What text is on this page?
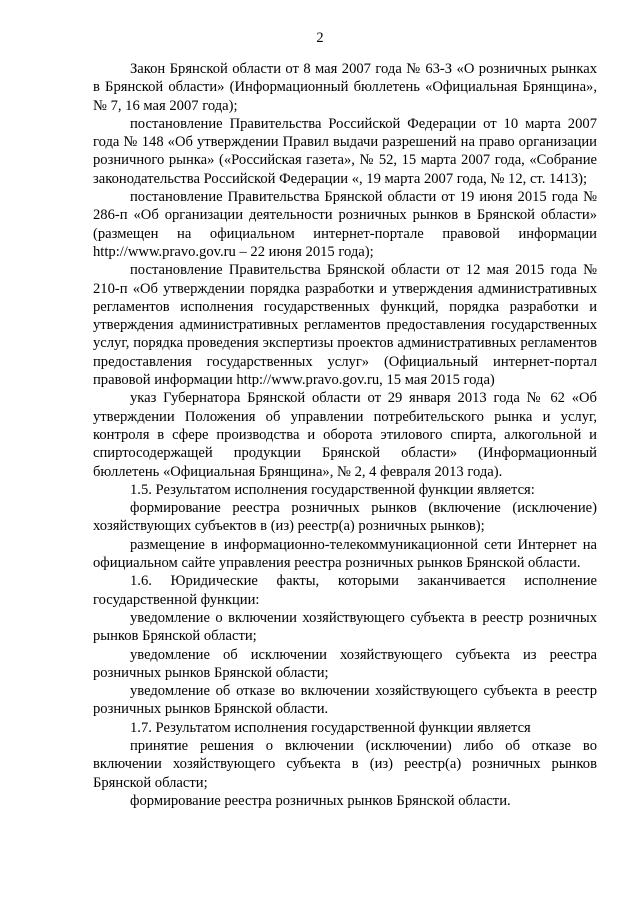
2

Закон Брянской области от 8 мая 2007 года № 63-З «О розничных рынках в Брянской области» (Информационный бюллетень «Официальная Брянщина», № 7, 16 мая 2007 года);

постановление Правительства Российской Федерации от 10 марта 2007 года № 148 «Об утверждении Правил выдачи разрешений на право организации розничного рынка» («Российская газета», № 52, 15 марта 2007 года, «Собрание законодательства Российской Федерации «, 19 марта 2007 года, № 12, ст. 1413);

постановление Правительства Брянской области от 19 июня 2015 года № 286-п «Об организации деятельности розничных рынков в Брянской области» (размещен на официальном интернет-портале правовой информации http://www.pravo.gov.ru – 22 июня 2015 года);

постановление Правительства Брянской области от 12 мая 2015 года № 210-п «Об утверждении порядка разработки и утверждения административных регламентов исполнения государственных функций, порядка разработки и утверждения административных регламентов предоставления государственных услуг, порядка проведения экспертизы проектов административных регламентов предоставления государственных услуг» (Официальный интернет-портал правовой информации http://www.pravo.gov.ru, 15 мая 2015 года)

указ Губернатора Брянской области от 29 января 2013 года № 62 «Об утверждении Положения об управлении потребительского рынка и услуг, контроля в сфере производства и оборота этилового спирта, алкогольной и спиртосодержащей продукции Брянской области» (Информационный бюллетень «Официальная Брянщина», № 2, 4 февраля 2013 года).

1.5. Результатом исполнения государственной функции является:

формирование реестра розничных рынков (включение (исключение) хозяйствующих субъектов в (из) реестр(а) розничных рынков);

размещение в информационно-телекоммуникационной сети Интернет на официальном сайте управления реестра розничных рынков Брянской области.

1.6. Юридические факты, которыми заканчивается исполнение государственной функции:

уведомление о включении хозяйствующего субъекта в реестр розничных рынков Брянской области;

уведомление об исключении хозяйствующего субъекта из реестра розничных рынков Брянской области;

уведомление об отказе во включении хозяйствующего субъекта в реестр розничных рынков Брянской области.

1.7. Результатом исполнения государственной функции является

принятие решения о включении (исключении) либо об отказе во включении хозяйствующего субъекта в (из) реестр(а) розничных рынков Брянской области;

формирование реестра розничных рынков Брянской области.
